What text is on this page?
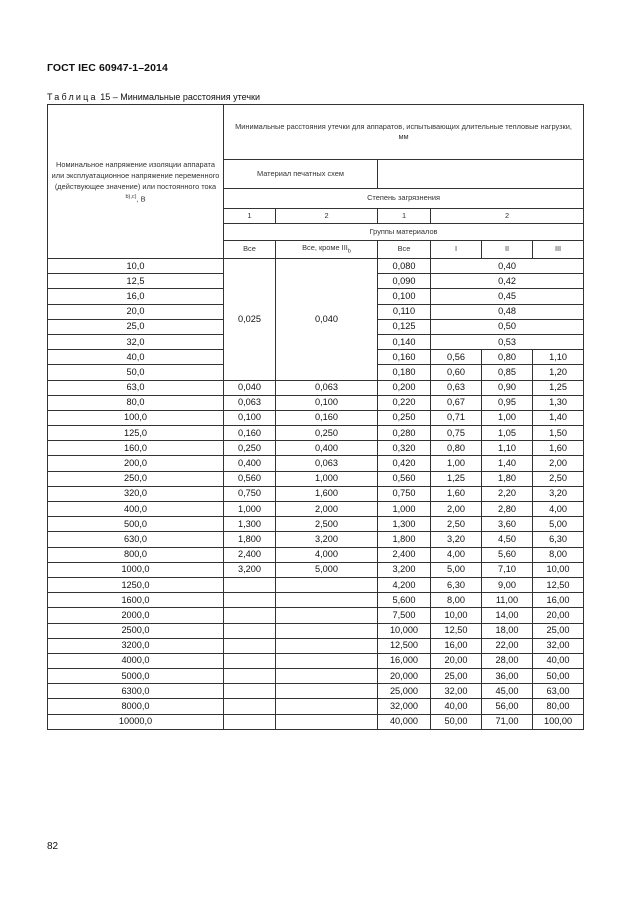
ГОСТ IEC 60947-1–2014
Таблица 15 – Минимальные расстояния утечки
Номинальное напряжение изоляции аппарата или эксплуатационное напряжение переменного (действующее значение) или постоянного тока $^{b),c)}$, В	Минимальные расстояния утечки для аппаратов, испытывающих длительные тепловые нагрузки, мм					
	Материал печатных схем					
	Степень загрязнения					
	1	2	1	2		
	Группы материалов					
	Все	Все, кроме $III_b$	Все	I	II	III
10,0	0,025	0,040	0,080	0,40		
12,5			0,090	0,42		
16,0			0,100	0,45		
20,0			0,110	0,48		
25,0			0,125	0,50		
32,0			0,140	0,53		
40,0			0,160	0,56	0,80	1,10
50,0			0,180	0,60	0,85	1,20
63,0	0,040	0,063	0,200	0,63	0,90	1,25
80,0	0,063	0,100	0,220	0,67	0,95	1,30
100,0	0,100	0,160	0,250	0,71	1,00	1,40
125,0	0,160	0,250	0,280	0,75	1,05	1,50
160,0	0,250	0,400	0,320	0,80	1,10	1,60
200,0	0,400	0,063	0,420	1,00	1,40	2,00
250,0	0,560	1,000	0,560	1,25	1,80	2,50
320,0	0,750	1,600	0,750	1,60	2,20	3,20
400,0	1,000	2,000	1,000	2,00	2,80	4,00
500,0	1,300	2,500	1,300	2,50	3,60	5,00
630,0	1,800	3,200	1,800	3,20	4,50	6,30
800,0	2,400	4,000	2,400	4,00	5,60	8,00
1000,0	3,200	5,000	3,200	5,00	7,10	10,00
1250,0			4,200	6,30	9,00	12,50
1600,0			5,600	8,00	11,00	16,00
2000,0			7,500	10,00	14,00	20,00
2500,0			10,000	12,50	18,00	25,00
3200,0			12,500	16,00	22,00	32,00
4000,0			16,000	20,00	28,00	40,00
5000,0			20,000	25,00	36,00	50,00
6300,0			25,000	32,00	45,00	63,00
8000,0			32,000	40,00	56,00	80,00
10000,0			40,000	50,00	71,00	100,00
82
